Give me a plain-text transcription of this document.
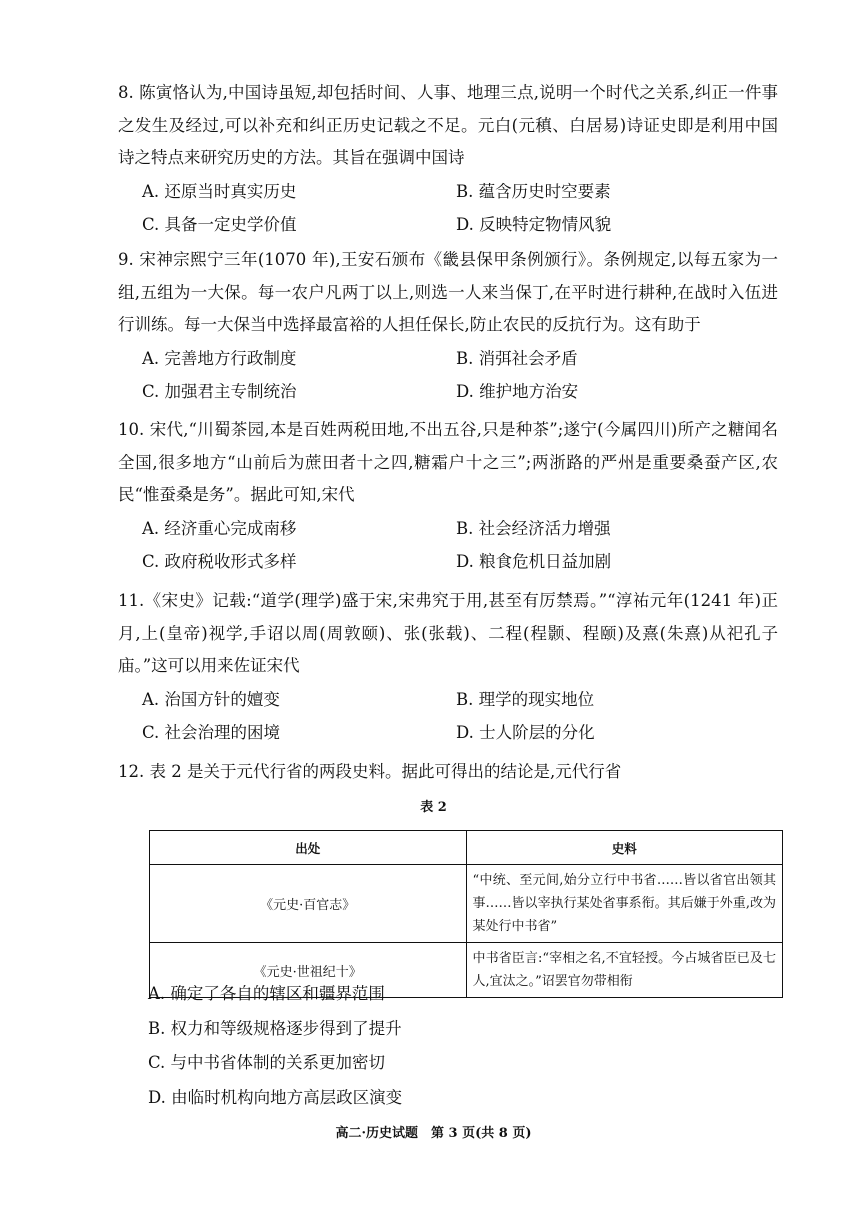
8. 陈寅恪认为,中国诗虽短,却包括时间、人事、地理三点,说明一个时代之关系,纠正一件事之发生及经过,可以补充和纠正历史记载之不足。元白(元稹、白居易)诗证史即是利用中国诗之特点来研究历史的方法。其旨在强调中国诗

A. 还原当时真实历史	B. 蕴含历史时空要素
C. 具备一定史学价值	D. 反映特定物情风貌

9. 宋神宗熙宁三年(1070 年),王安石颁布《畿县保甲条例颁行》。条例规定,以每五家为一组,五组为一大保。每一农户凡两丁以上,则选一人来当保丁,在平时进行耕种,在战时入伍进行训练。每一大保当中选择最富裕的人担任保长,防止农民的反抗行为。这有助于

A. 完善地方行政制度	B. 消弭社会矛盾
C. 加强君主专制统治	D. 维护地方治安

10. 宋代,“川蜀茶园,本是百姓两税田地,不出五谷,只是种茶”;遂宁(今属四川)所产之糖闻名全国,很多地方“山前后为蔗田者十之四,糖霜户十之三”;两浙路的严州是重要桑蚕产区,农民“惟蚕桑是务”。据此可知,宋代

A. 经济重心完成南移	B. 社会经济活力增强
C. 政府税收形式多样	D. 粮食危机日益加剧

11.《宋史》记载:“道学(理学)盛于宋,宋弗究于用,甚至有厉禁焉。”“淳祐元年(1241 年)正月,上(皇帝)视学,手诏以周(周敦颐)、张(张载)、二程(程颢、程颐)及熹(朱熹)从祀孔子庙。”这可以用来佐证宋代

A. 治国方针的嬗变	B. 理学的现实地位
C. 社会治理的困境	D. 士人阶层的分化

12. 表 2 是关于元代行省的两段史料。据此可得出的结论是,元代行省

表 2
出处	史料
《元史·百官志》	“中统、至元间,始分立行中书省……皆以省官出领其事……皆以宰执行某处省事系衔。其后嫌于外重,改为某处行中书省”
《元史·世祖纪十》	中书省臣言:“宰相之名,不宜轻授。今占城省臣已及七人,宜汰之。”诏罢官勿带相衔
A. 确定了各自的辖区和疆界范围
B. 权力和等级规格逐步得到了提升
C. 与中书省体制的关系更加密切
D. 由临时机构向地方高层政区演变
高二·历史试题　第 3 页(共 8 页)
